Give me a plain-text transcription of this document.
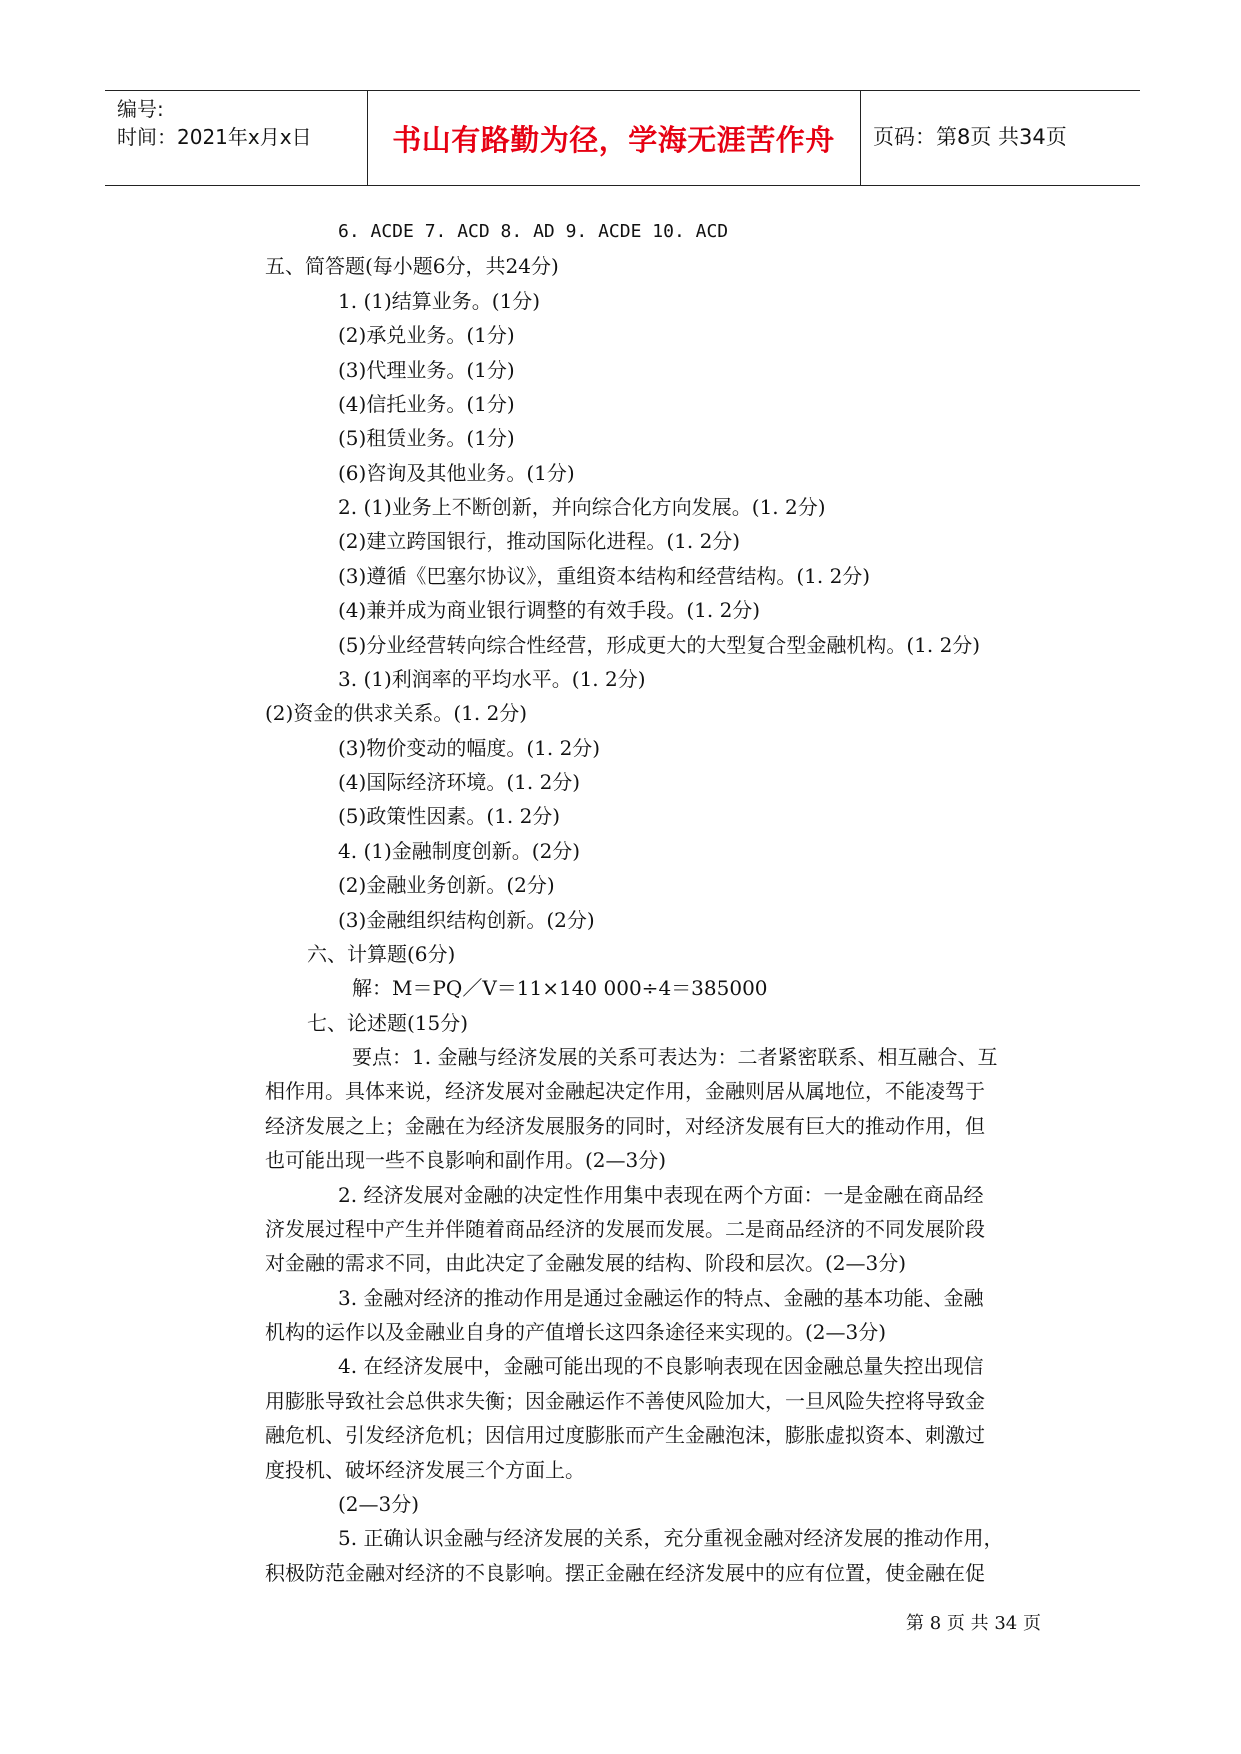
编号:
时间：2021年x月x日	书山有路勤为径，学海无涯苦作舟	页码：第8页 共34页
6. ACDE 7. ACD 8. AD 9. ACDE 10. ACD
五、简答题(每小题6分，共24分)
1. (1)结算业务。(1分)
(2)承兑业务。(1分)
(3)代理业务。(1分)
(4)信托业务。(1分)
(5)租赁业务。(1分)
(6)咨询及其他业务。(1分)
2. (1)业务上不断创新，并向综合化方向发展。(1. 2分)
(2)建立跨国银行，推动国际化进程。(1. 2分)
(3)遵循《巴塞尔协议》，重组资本结构和经营结构。(1. 2分)
(4)兼并成为商业银行调整的有效手段。(1. 2分)
(5)分业经营转向综合性经营，形成更大的大型复合型金融机构。(1. 2分)
3. (1)利润率的平均水平。(1. 2分)
(2)资金的供求关系。(1. 2分)
(3)物价变动的幅度。(1. 2分)
(4)国际经济环境。(1. 2分)
(5)政策性因素。(1. 2分)
4. (1)金融制度创新。(2分)
(2)金融业务创新。(2分)
(3)金融组织结构创新。(2分)
六、计算题(6分)
解：M＝PQ／V＝11×140 000÷4＝385000
七、论述题(15分)
要点：1. 金融与经济发展的关系可表达为：二者紧密联系、相互融合、互
相作用。具体来说，经济发展对金融起决定作用，金融则居从属地位，不能凌驾于
经济发展之上；金融在为经济发展服务的同时，对经济发展有巨大的推动作用，但
也可能出现一些不良影响和副作用。(2—3分)
2. 经济发展对金融的决定性作用集中表现在两个方面：一是金融在商品经
济发展过程中产生并伴随着商品经济的发展而发展。二是商品经济的不同发展阶段
对金融的需求不同，由此决定了金融发展的结构、阶段和层次。(2—3分)
3. 金融对经济的推动作用是通过金融运作的特点、金融的基本功能、金融
机构的运作以及金融业自身的产值增长这四条途径来实现的。(2—3分)
4. 在经济发展中，金融可能出现的不良影响表现在因金融总量失控出现信
用膨胀导致社会总供求失衡；因金融运作不善使风险加大，一旦风险失控将导致金
融危机、引发经济危机；因信用过度膨胀而产生金融泡沫，膨胀虚拟资本、刺激过
度投机、破坏经济发展三个方面上。
(2—3分)
5. 正确认识金融与经济发展的关系，充分重视金融对经济发展的推动作用，
积极防范金融对经济的不良影响。摆正金融在经济发展中的应有位置，使金融在促
第 8 页 共 34 页
